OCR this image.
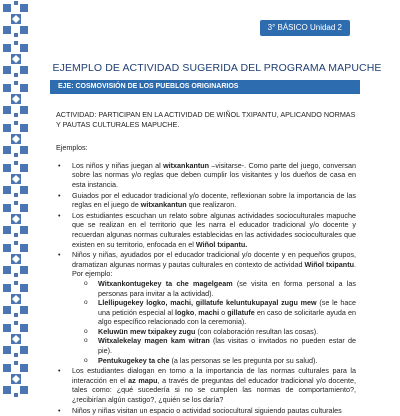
3° BÁSICO Unidad 2
EJEMPLO DE ACTIVIDAD SUGERIDA DEL PROGRAMA MAPUCHE
EJE: COSMOVISIÓN DE LOS PUEBLOS ORIGINARIOS

ACTIVIDAD: PARTICIPAN EN LA ACTIVIDAD DE WIÑOL TXIPANTU, APLICANDO NORMAS Y PAUTAS CULTURALES MAPUCHE.

Ejemplos:

• Los niños y niñas juegan al witxankantun –visitarse-. Como parte del juego, conversan sobre las normas y/o reglas que deben cumplir los visitantes y los dueños de casa en esta instancia.
• Guiados por el educador tradicional y/o docente, reflexionan sobre la importancia de las reglas en el juego de witxankantun que realizaron.
• Los estudiantes escuchan un relato sobre algunas actividades socioculturales mapuche que se realizan en el territorio que les narra el educador tradicional y/o docente y recuerdan algunas normas culturales establecidas en las actividades socioculturales que existen en su territorio, enfocada en el Wiñol txipantu.
• Niños y niñas, ayudados por el educador tradicional y/o docente y en pequeños grupos, dramatizan algunas normas y pautas culturales en contexto de actividad Wiñol txipantu. Por ejemplo:
o Witxankontugekey ta che magelgeam (se visita en forma personal a las personas para invitar a la actividad).
o Llellipugekey logko, machi, gillatufe keluntukupayal zugu mew (se le hace una petición especial al logko, machi o gillatufe en caso de solicitarle ayuda en algo específico relacionado con la ceremonia).
o Keluwün mew txipakey zugu (con colaboración resultan las cosas).
o Witxalekelay magen kam witran (las visitas o invitados no pueden estar de pie).
o Pentukugekey ta che (a las personas se les pregunta por su salud).
• Los estudiantes dialogan en torno a la importancia de las normas culturales para la interacción en el az mapu, a través de preguntas del educador tradicional y/o docente, tales como: ¿qué sucedería si no se cumplen las normas de comportamiento?, ¿recibirían algún castigo?, ¿quién se los daría?
• Niños y niñas visitan un espacio o actividad sociocultural siguiendo pautas culturales
